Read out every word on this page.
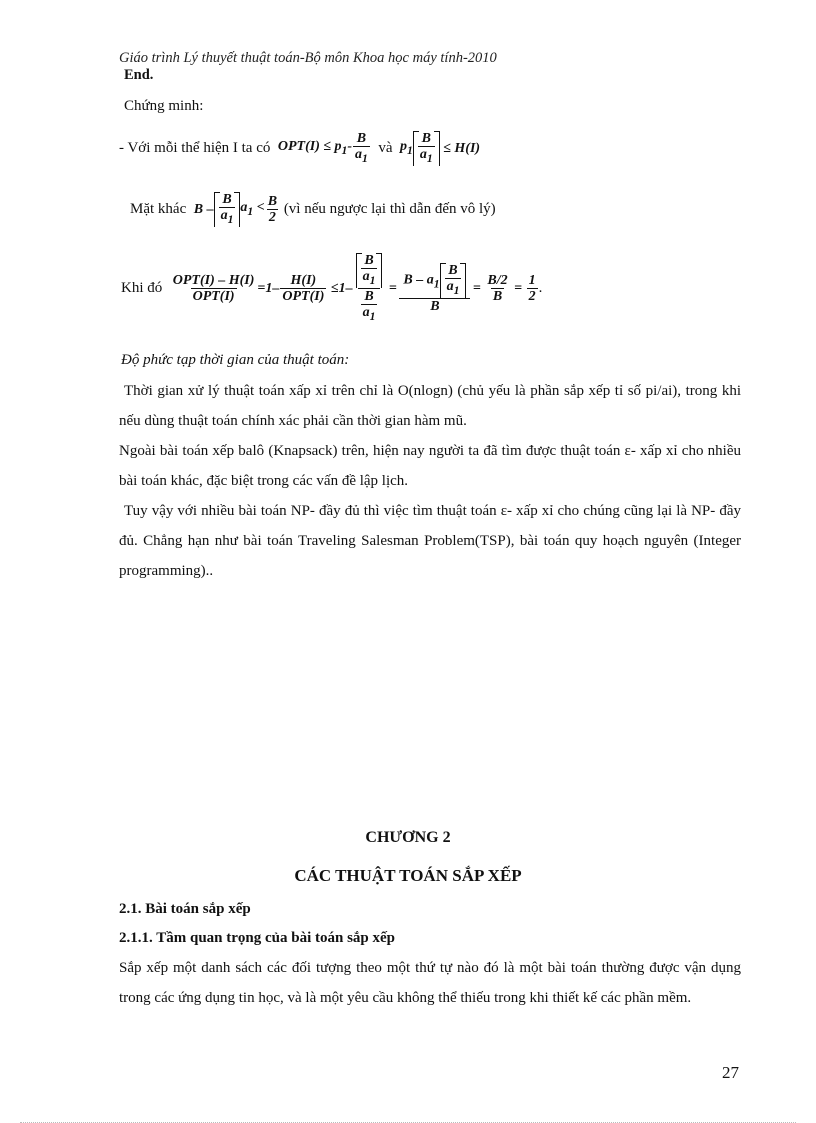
Giáo trình Lý thuyết thuật toán-Bộ môn Khoa học máy tính-2010
End.
Chứng minh:
- Với mỗi thể hiện I ta có
$OPT(I) \le p_1- \frac{B}{a_1}$
và
$p_1 \frac{B}{a_1} \le H(I)$
Mặt khác
$B - \frac{B}{a_1} a_1 < \frac{B}{2}$
(vì nếu ngược lại thì dẫn đến vô lý)
Khi đó
$\frac{\text{OPT(I) – H(I)}}{\text{OPT(I)}} =1- \frac{H(I)}{\text{OPT(I)}} \le 1- \frac{\frac{B}{a_1}}{\frac{B}{a_1}} = \frac{B - a_1 \frac{B}{a_1}}{B} = \frac{B/2}{B} = \frac{1}{2}$ .
Độ phức tạp thời gian của thuật toán:

Thời gian xử lý thuật toán xấp xỉ trên chỉ là O(nlogn) (chủ yếu là phần sắp xếp tỉ số pi/ai), trong khi nếu dùng thuật toán chính xác phải cần thời gian hàm mũ.

Ngoài bài toán xếp balô (Knapsack) trên, hiện nay người ta đã tìm được thuật toán ε- xấp xỉ cho nhiều bài toán khác, đặc biệt trong các vấn đề lập lịch.

Tuy vậy với nhiều bài toán NP- đầy đủ thì việc tìm thuật toán ε- xấp xỉ cho chúng cũng lại là NP- đầy đủ. Chẳng hạn như bài toán Traveling Salesman Problem(TSP), bài toán quy hoạch nguyên (Integer programming)..

CHƯƠNG 2
CÁC THUẬT TOÁN SẮP XẾP
2.1. Bài toán sắp xếp
2.1.1. Tầm quan trọng của bài toán sắp xếp

Sắp xếp một danh sách các đối tượng theo một thứ tự nào đó là một bài toán thường được vận dụng trong các ứng dụng tin học, và là một yêu cầu không thể thiếu trong khi thiết kế các phần mềm.

27
